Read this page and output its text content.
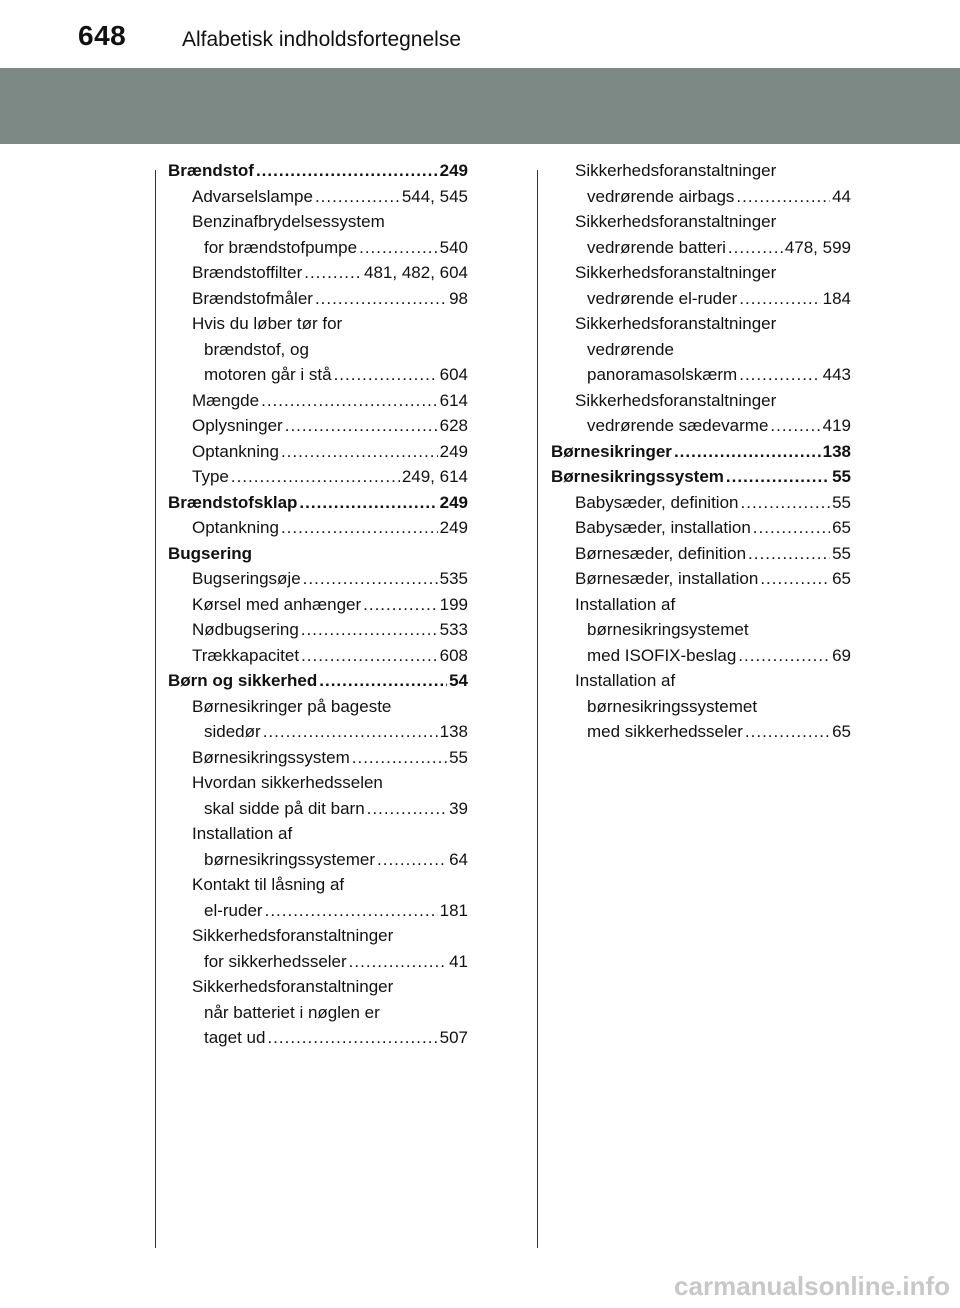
648	Alfabetisk indholdsfortegnelse
Brændstof .....	249
Advarselslampe .....	544, 545
Benzinafbrydelsessystem
for brændstofpumpe .....	540
Brændstoffilter .....	481, 482, 604
Brændstofmåler .....	98
Hvis du løber tør for
brændstof, og
motoren går i stå .....	604
Mængde .....	614
Oplysninger .....	628
Optankning .....	249
Type .....	249, 614
Brændstofsklap .....	249
Optankning .....	249
Bugsering
Bugseringsøje .....	535
Kørsel med anhænger .....	199
Nødbugsering .....	533
Trækkapacitet .....	608
Børn og sikkerhed .....	54
Børnesikringer på bageste
sidedør .....	138
Børnesikringssystem .....	55
Hvordan sikkerhedsselen
skal sidde på dit barn .....	39
Installation af
børnesikringssystemer .....	64
Kontakt til låsning af
el-ruder .....	181
Sikkerhedsforanstaltninger
for sikkerhedsseler .....	41
Sikkerhedsforanstaltninger
når batteriet i nøglen er
taget ud .....	507
Sikkerhedsforanstaltninger
vedrørende airbags .....	44
Sikkerhedsforanstaltninger
vedrørende batteri .....	478, 599
Sikkerhedsforanstaltninger
vedrørende el-ruder .....	184
Sikkerhedsforanstaltninger
vedrørende
panoramasolskærm .....	443
Sikkerhedsforanstaltninger
vedrørende sædevarme .....	419
Børnesikringer .....	138
Børnesikringssystem .....	55
Babysæder, definition .....	55
Babysæder, installation .....	65
Børnesæder, definition .....	55
Børnesæder, installation .....	65
Installation af
børnesikringsystemet
med ISOFIX-beslag .....	69
Installation af
børnesikringssystemet
med sikkerhedsseler .....	65
carmanualsonline.info
